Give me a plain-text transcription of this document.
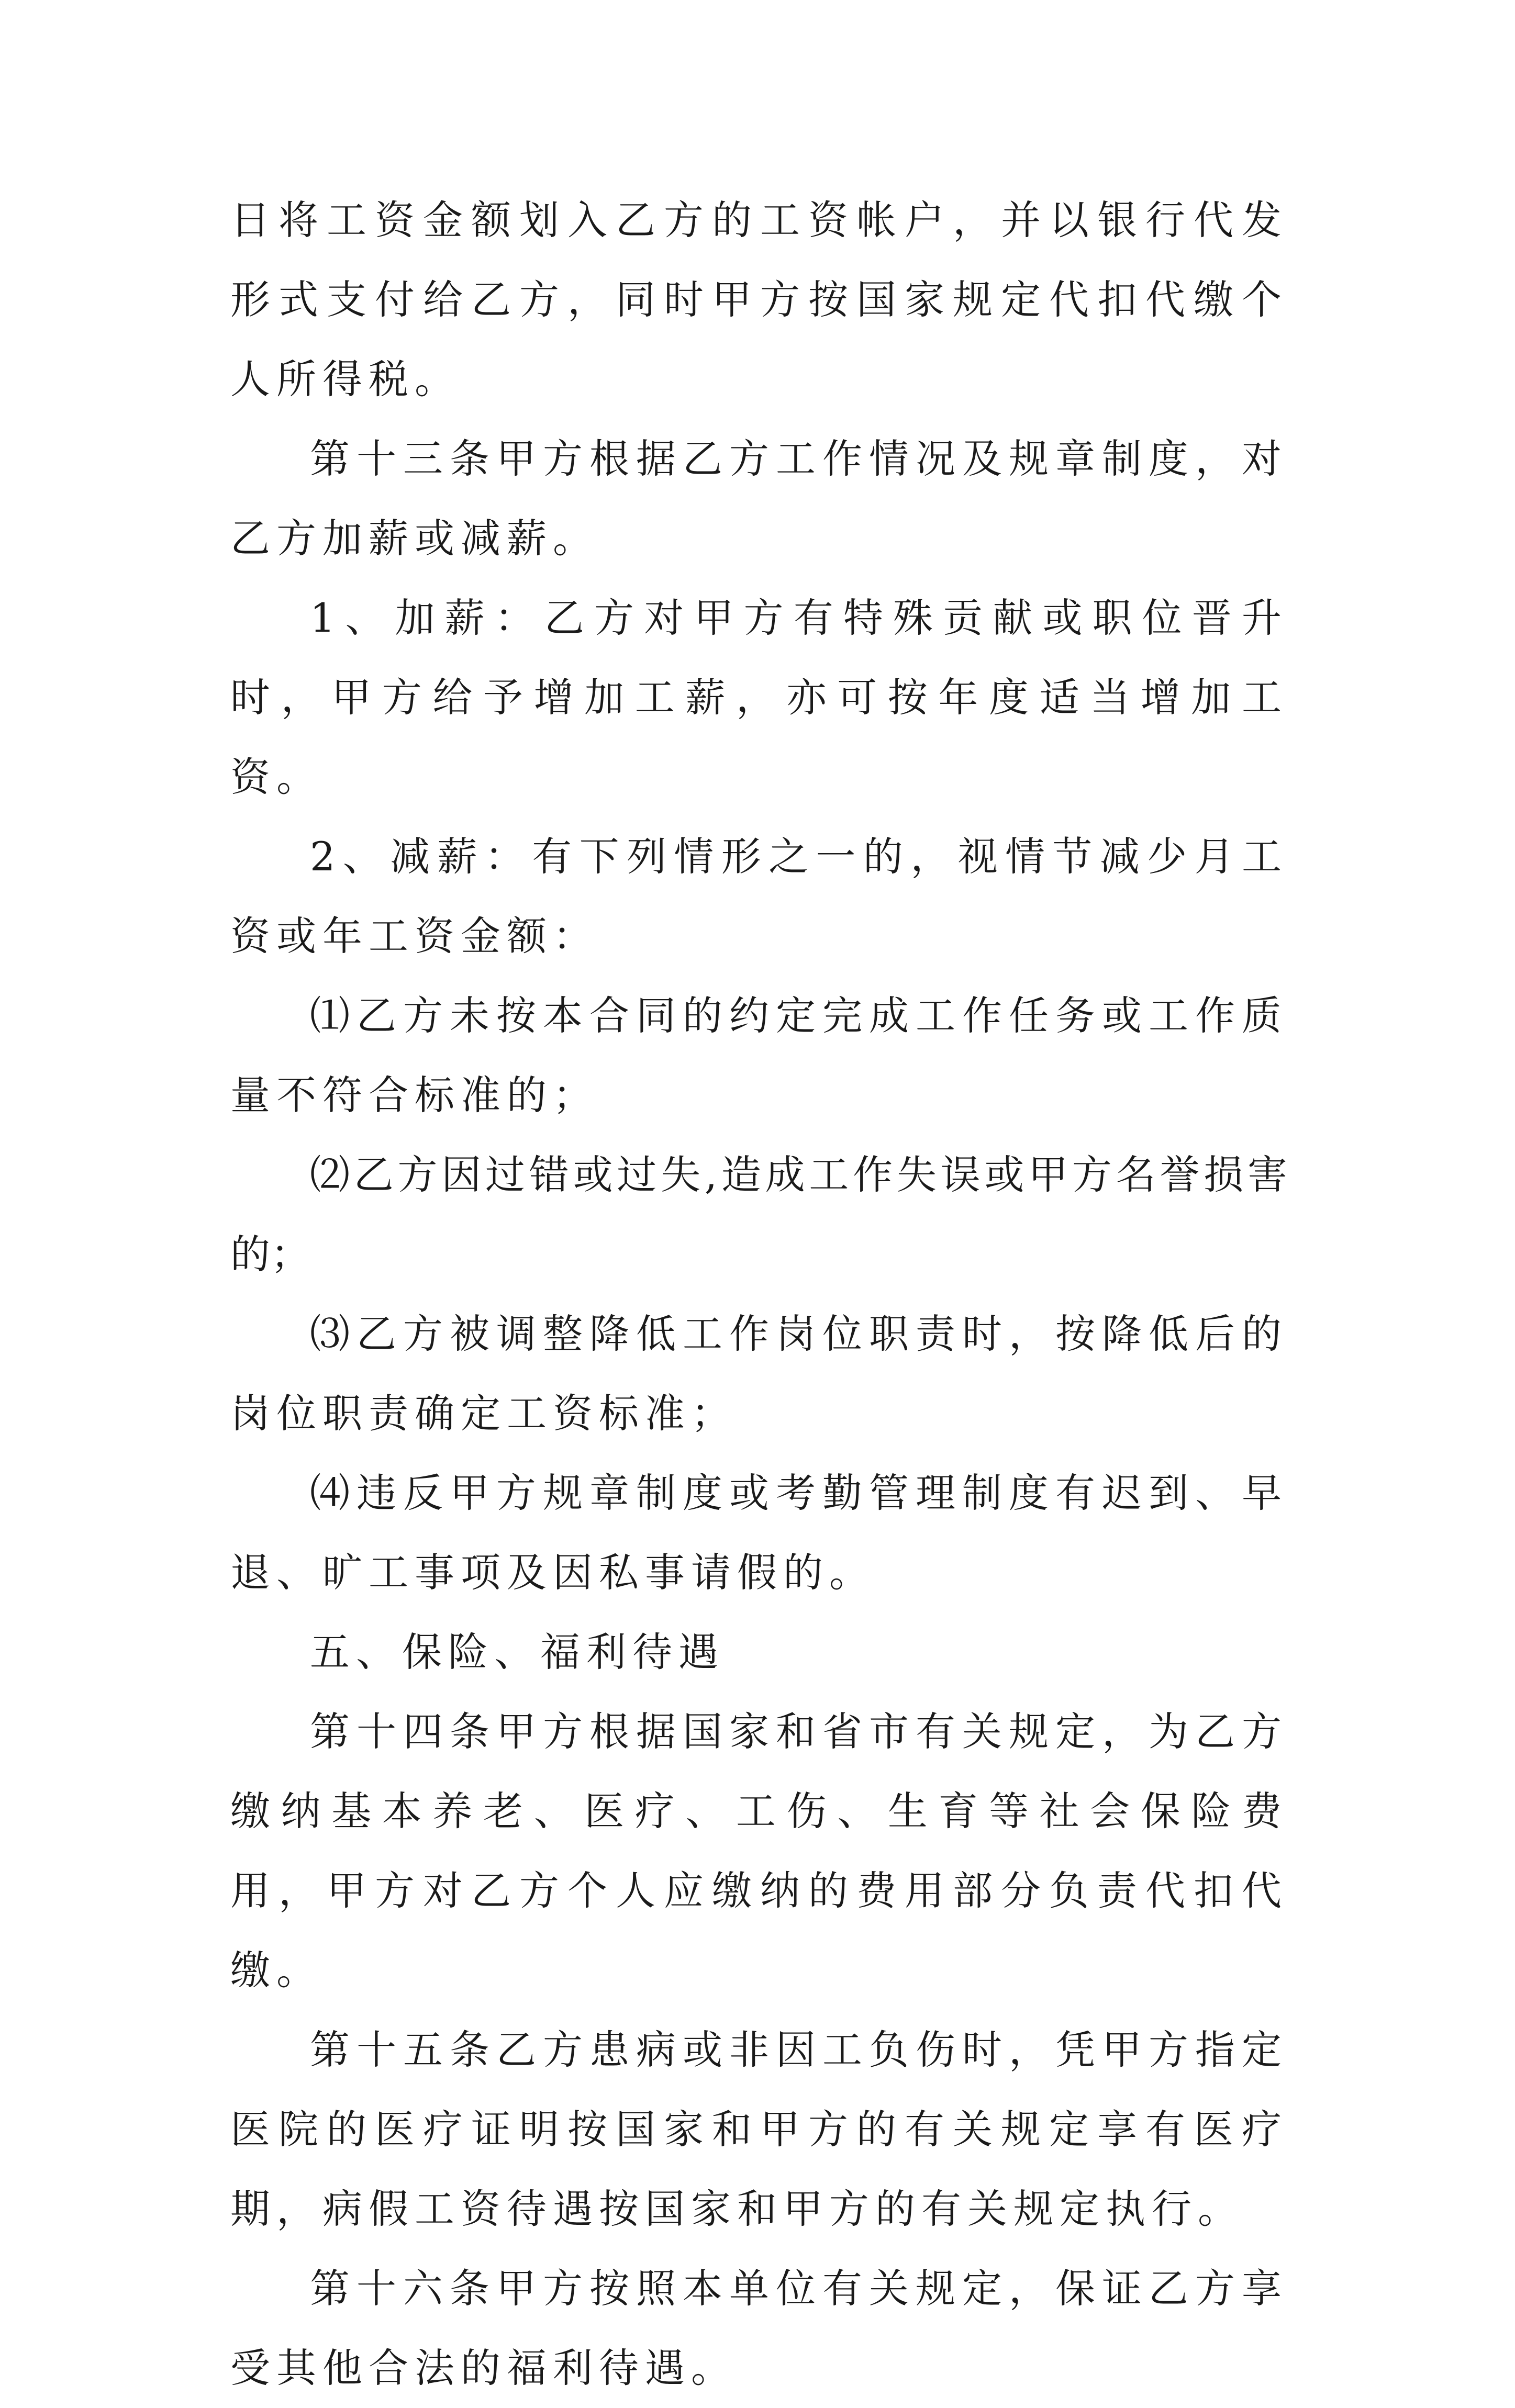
日将工资金额划入乙方的工资帐户，并以银行代发形式支付给乙方，同时甲方按国家规定代扣代缴个人所得税。

第十三条甲方根据乙方工作情况及规章制度，对乙方加薪或减薪。

1、加薪：乙方对甲方有特殊贡献或职位晋升时，甲方给予增加工薪，亦可按年度适当增加工资。

2、减薪：有下列情形之一的，视情节减少月工资或年工资金额：

⑴乙方未按本合同的约定完成工作任务或工作质量不符合标准的；

⑵乙方因过错或过失,造成工作失误或甲方名誉损害的；

⑶乙方被调整降低工作岗位职责时，按降低后的岗位职责确定工资标准；

⑷违反甲方规章制度或考勤管理制度有迟到、早退、旷工事项及因私事请假的。

五、保险、福利待遇

第十四条甲方根据国家和省市有关规定，为乙方缴纳基本养老、医疗、工伤、生育等社会保险费用，甲方对乙方个人应缴纳的费用部分负责代扣代缴。

第十五条乙方患病或非因工负伤时，凭甲方指定医院的医疗证明按国家和甲方的有关规定享有医疗期，病假工资待遇按国家和甲方的有关规定执行。

第十六条甲方按照本单位有关规定，保证乙方享受其他合法的福利待遇。
